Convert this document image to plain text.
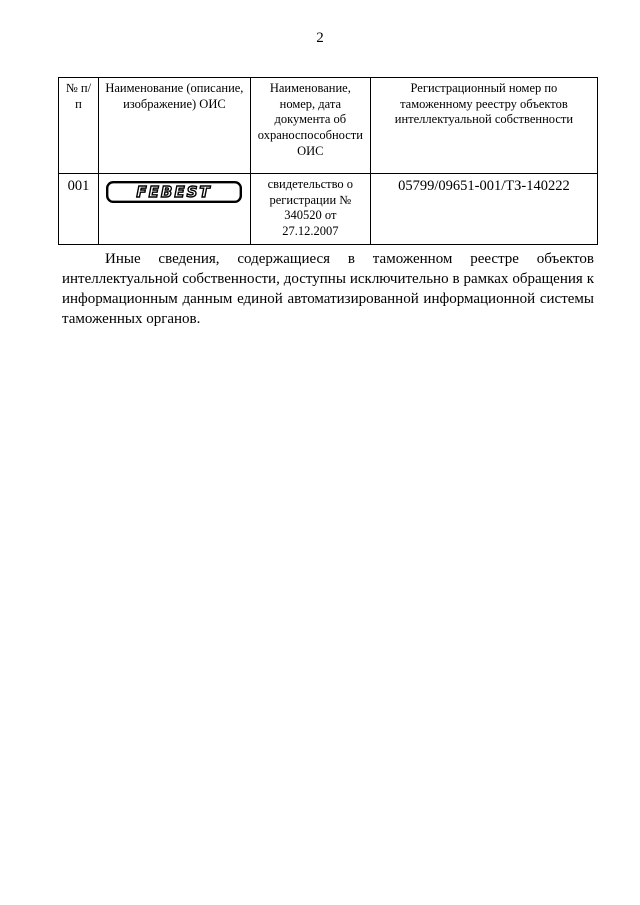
2
№ п/п	Наименование (описание, изображение) ОИС	Наименование, номер, дата документа об охраноспособности ОИС	Регистрационный номер по таможенному реестру объектов интеллектуальной собственности
001	FEBEST	свидетельство о регистрации № 340520 от 27.12.2007	05799/09651-001/ТЗ-140222

Иные сведения, содержащиеся в таможенном реестре объектов интеллектуальной собственности, доступны исключительно в рамках обращения к информационным данным единой автоматизированной информационной системы таможенных органов.
